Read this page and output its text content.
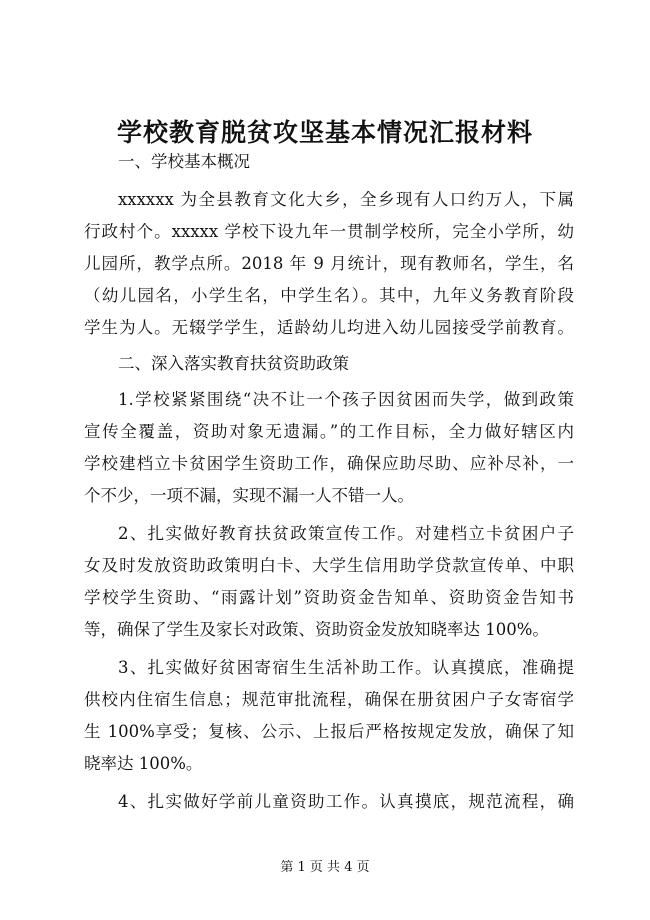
学校教育脱贫攻坚基本情况汇报材料
一、学校基本概况
xxxxxx 为全县教育文化大乡，全乡现有人口约万人，下属
行政村个。xxxxx 学校下设九年一贯制学校所，完全小学所，幼
儿园所，教学点所。2018 年 9 月统计，现有教师名，学生，名
（幼儿园名，小学生名，中学生名）。其中，九年义务教育阶段
学生为人。无辍学学生，适龄幼儿均进入幼儿园接受学前教育。
二、深入落实教育扶贫资助政策
1.学校紧紧围绕“决不让一个孩子因贫困而失学，做到政策
宣传全覆盖，资助对象无遗漏。”的工作目标，全力做好辖区内
学校建档立卡贫困学生资助工作，确保应助尽助、应补尽补，一
个不少，一项不漏，实现不漏一人不错一人。
2、扎实做好教育扶贫政策宣传工作。对建档立卡贫困户子
女及时发放资助政策明白卡、大学生信用助学贷款宣传单、中职
学校学生资助、“雨露计划”资助资金告知单、资助资金告知书
等，确保了学生及家长对政策、资助资金发放知晓率达 100%。
3、扎实做好贫困寄宿生生活补助工作。认真摸底，准确提
供校内住宿生信息；规范审批流程，确保在册贫困户子女寄宿学
生 100%享受；复核、公示、上报后严格按规定发放，确保了知
晓率达 100%。
4、扎实做好学前儿童资助工作。认真摸底，规范流程，确
第 1 页 共 4 页
